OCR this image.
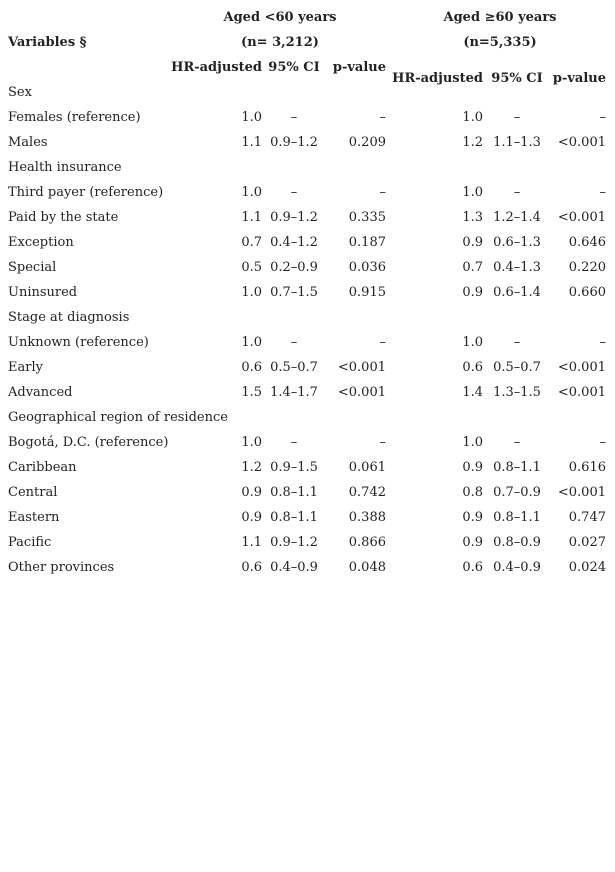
Aged <60 years
(n= 3,212)
Aged ≥60 years
(n=5,335)
Variables §
HR-adjusted 95% CI	p-value
HR-adjusted 95% CI p-value
Sex
Females (reference)	1.0	–	–	1.0	–	–
Males	1.1 0.9–1.2	0.209	1.2 1.1–1.3	<0.001
Health insurance
Third payer (reference)	1.0	–	–	1.0	–	–
Paid by the state	1.1 0.9–1.2	0.335	1.3 1.2–1.4	<0.001
Exception	0.7 0.4–1.2	0.187	0.9 0.6–1.3	0.646
Special	0.5 0.2–0.9	0.036	0.7 0.4–1.3	0.220
Uninsured	1.0 0.7–1.5	0.915	0.9 0.6–1.4	0.660
Stage at diagnosis
Unknown (reference)	1.0	–	–	1.0	–	–
Early	0.6 0.5–0.7	<0.001	0.6 0.5–0.7	<0.001
Advanced	1.5 1.4–1.7	<0.001	1.4 1.3–1.5	<0.001
Geographical region of residence
Bogotá, D.C. (reference)	1.0	–	–	1.0	–	–
Caribbean	1.2 0.9–1.5	0.061	0.9 0.8–1.1	0.616
Central	0.9 0.8–1.1	0.742	0.8 0.7–0.9	<0.001
Eastern	0.9 0.8–1.1	0.388	0.9 0.8–1.1	0.747
Pacific	1.1 0.9–1.2	0.866	0.9 0.8–0.9	0.027
Other provinces	0.6 0.4–0.9	0.048	0.6 0.4–0.9	0.024
